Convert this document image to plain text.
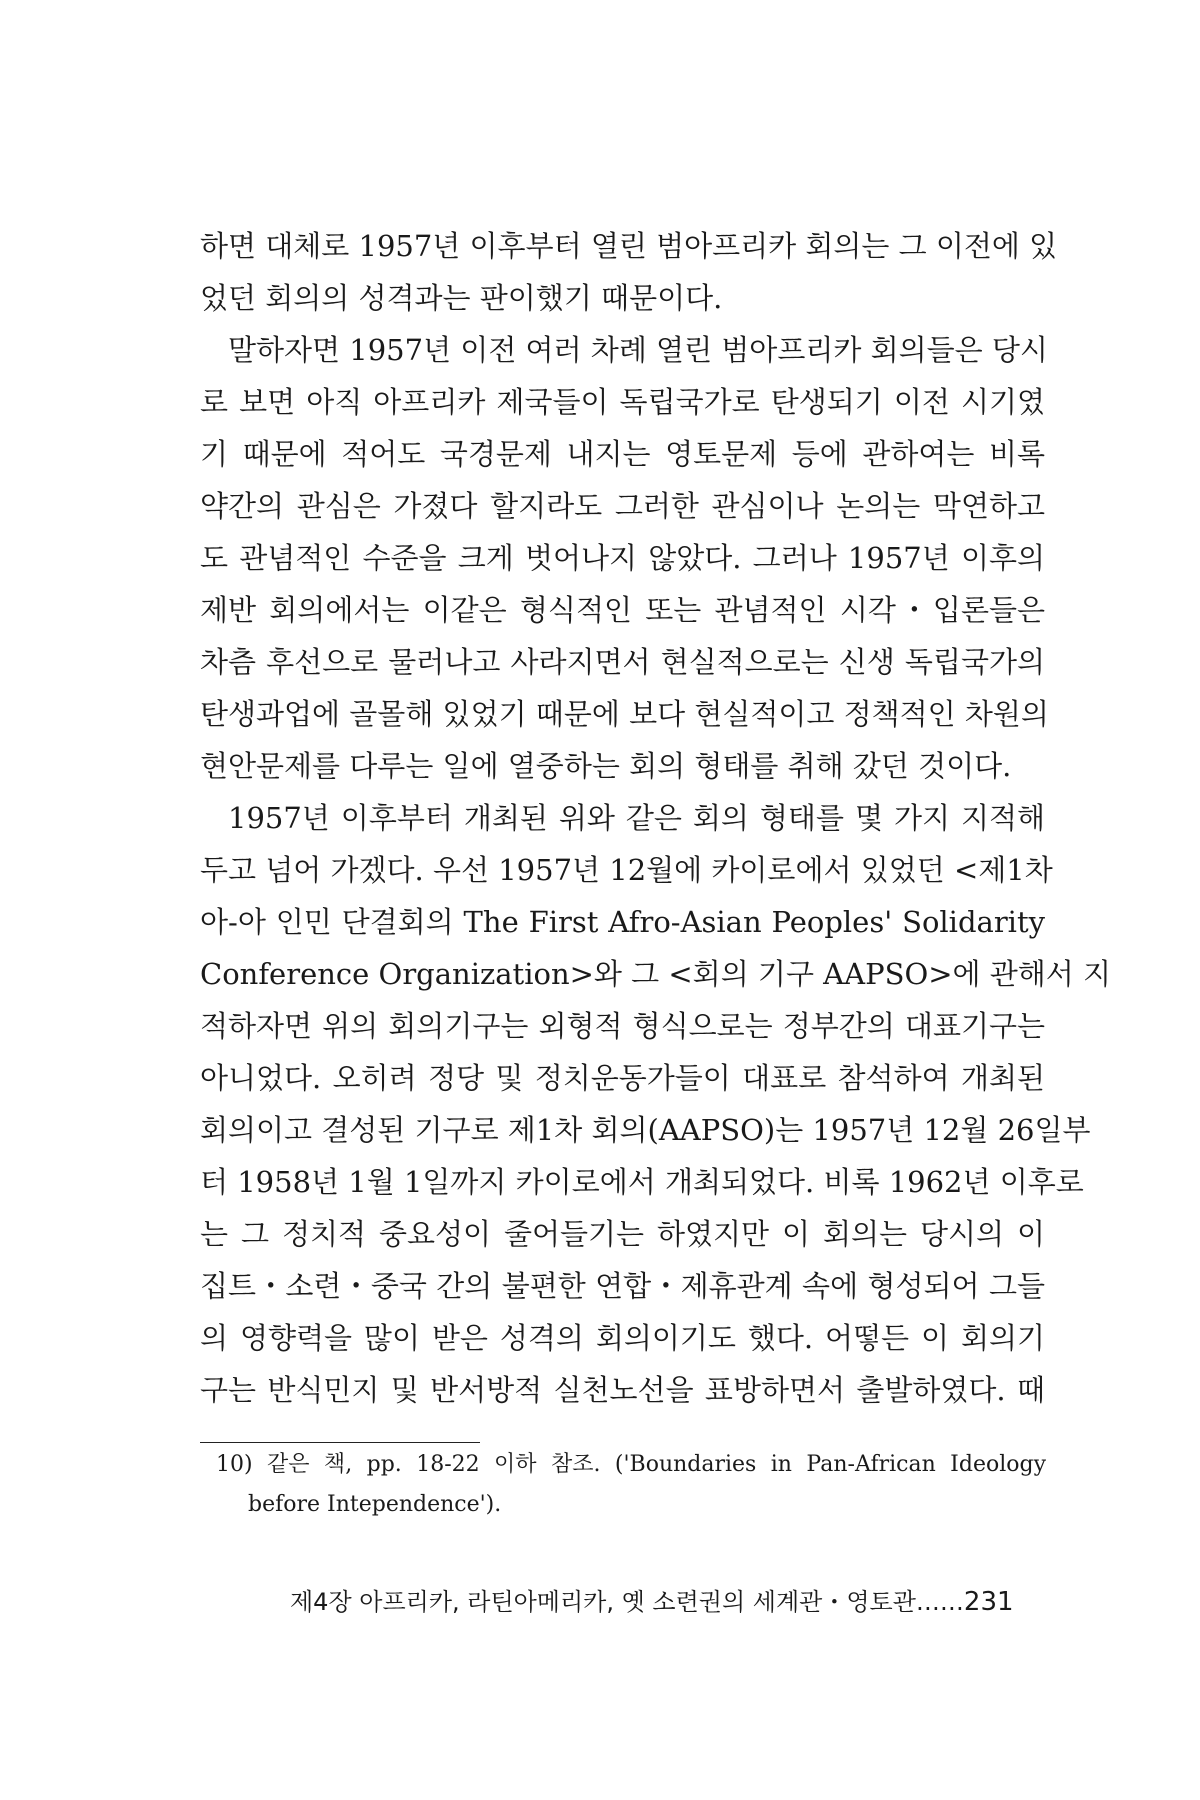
하면 대체로 1957년 이후부터 열린 범아프리카 회의는 그 이전에 있
었던 회의의 성격과는 판이했기 때문이다.
말하자면 1957년 이전 여러 차례 열린 범아프리카 회의들은 당시
로 보면 아직 아프리카 제국들이 독립국가로 탄생되기 이전 시기였
기 때문에 적어도 국경문제 내지는 영토문제 등에 관하여는 비록
약간의 관심은 가졌다 할지라도 그러한 관심이나 논의는 막연하고
도 관념적인 수준을 크게 벗어나지 않았다. 그러나 1957년 이후의
제반 회의에서는 이같은 형식적인 또는 관념적인 시각・입론들은
차츰 후선으로 물러나고 사라지면서 현실적으로는 신생 독립국가의
탄생과업에 골몰해 있었기 때문에 보다 현실적이고 정책적인 차원의
현안문제를 다루는 일에 열중하는 회의 형태를 취해 갔던 것이다.
1957년 이후부터 개최된 위와 같은 회의 형태를 몇 가지 지적해
두고 넘어 가겠다. 우선 1957년 12월에 카이로에서 있었던 <제1차
아-아 인민 단결회의 The First Afro-Asian Peoples' Solidarity
Conference Organization>와 그 <회의 기구 AAPSO>에 관해서 지
적하자면 위의 회의기구는 외형적 형식으로는 정부간의 대표기구는
아니었다. 오히려 정당 및 정치운동가들이 대표로 참석하여 개최된
회의이고 결성된 기구로 제1차 회의(AAPSO)는 1957년 12월 26일부
터 1958년 1월 1일까지 카이로에서 개최되었다. 비록 1962년 이후로
는 그 정치적 중요성이 줄어들기는 하였지만 이 회의는 당시의 이
집트・소련・중국 간의 불편한 연합・제휴관계 속에 형성되어 그들
의 영향력을 많이 받은 성격의 회의이기도 했다. 어떻든 이 회의기
구는 반식민지 및 반서방적 실천노선을 표방하면서 출발하였다. 때
10) 같은 책, pp. 18-22 이하 참조. ('Boundaries in Pan-African Ideology
before Intependence').
제4장 아프리카, 라틴아메리카, 옛 소련권의 세계관・영토관…… 231
